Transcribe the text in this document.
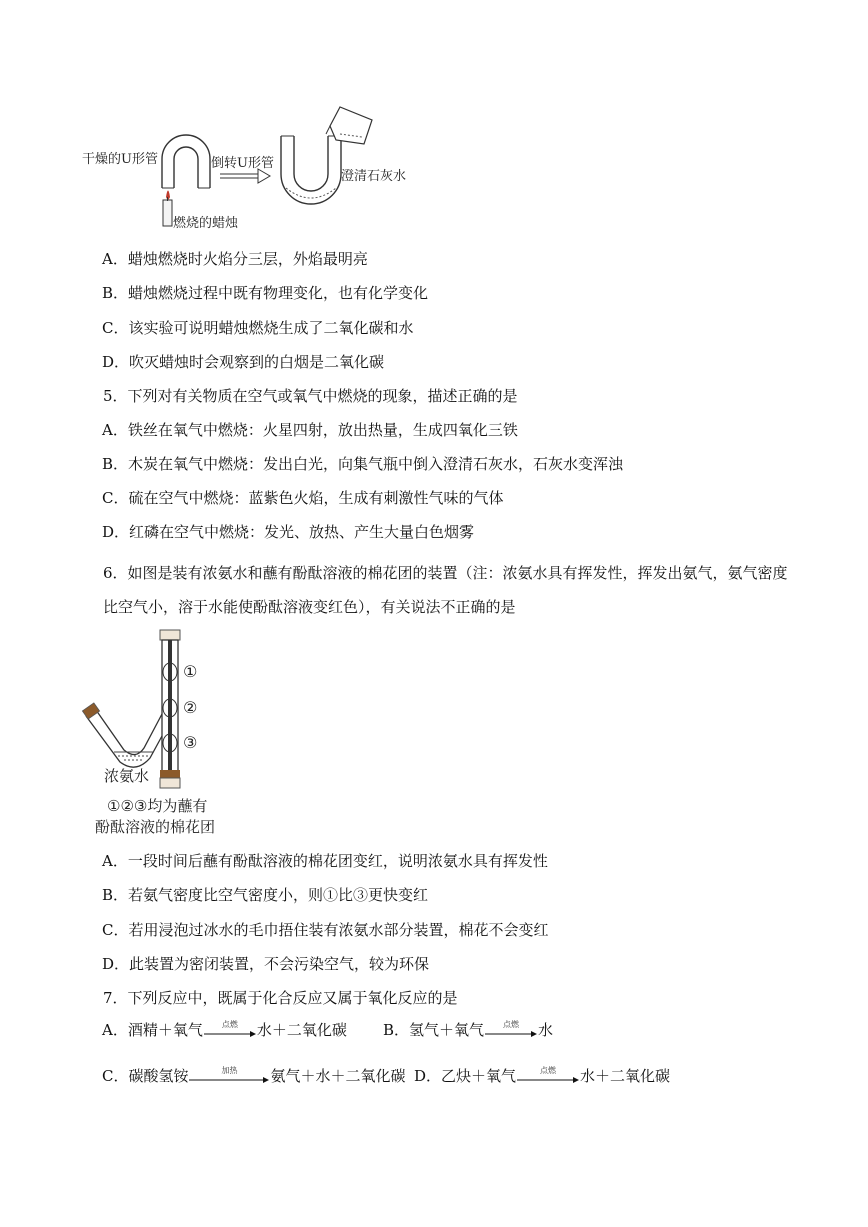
干燥的U形管	倒转U形管
澄清石灰水
燃烧的蜡烛
A．蜡烛燃烧时火焰分三层，外焰最明亮
B．蜡烛燃烧过程中既有物理变化，也有化学变化
C．该实验可说明蜡烛燃烧生成了二氧化碳和水
D．吹灭蜡烛时会观察到的白烟是二氧化碳
5．下列对有关物质在空气或氧气中燃烧的现象，描述正确的是
A．铁丝在氧气中燃烧：火星四射，放出热量，生成四氧化三铁
B．木炭在氧气中燃烧：发出白光，向集气瓶中倒入澄清石灰水，石灰水变浑浊
C．硫在空气中燃烧：蓝紫色火焰，生成有刺激性气味的气体
D．红磷在空气中燃烧：发光、放热、产生大量白色烟雾
6．如图是装有浓氨水和蘸有酚酞溶液的棉花团的装置（注：浓氨水具有挥发性，挥发出氨气，氨气密度比空气小，溶于水能使酚酞溶液变红色），有关说法不正确的是
①
②
③
浓氨水
①②③均为蘸有
酚酞溶液的棉花团
A．一段时间后蘸有酚酞溶液的棉花团变红，说明浓氨水具有挥发性
B．若氨气密度比空气密度小，则①比③更快变红
C．若用浸泡过冰水的毛巾捂住装有浓氨水部分装置，棉花不会变红
D．此装置为密闭装置，不会污染空气，较为环保
7．下列反应中，既属于化合反应又属于氧化反应的是
A．酒精＋氧气	点燃	水＋二氧化碳 B．氢气＋氧气	点燃	水
C．碳酸氢铵	加热	氨气＋水＋二氧化碳 D．乙炔＋氧气	点燃	水＋二氧化碳
